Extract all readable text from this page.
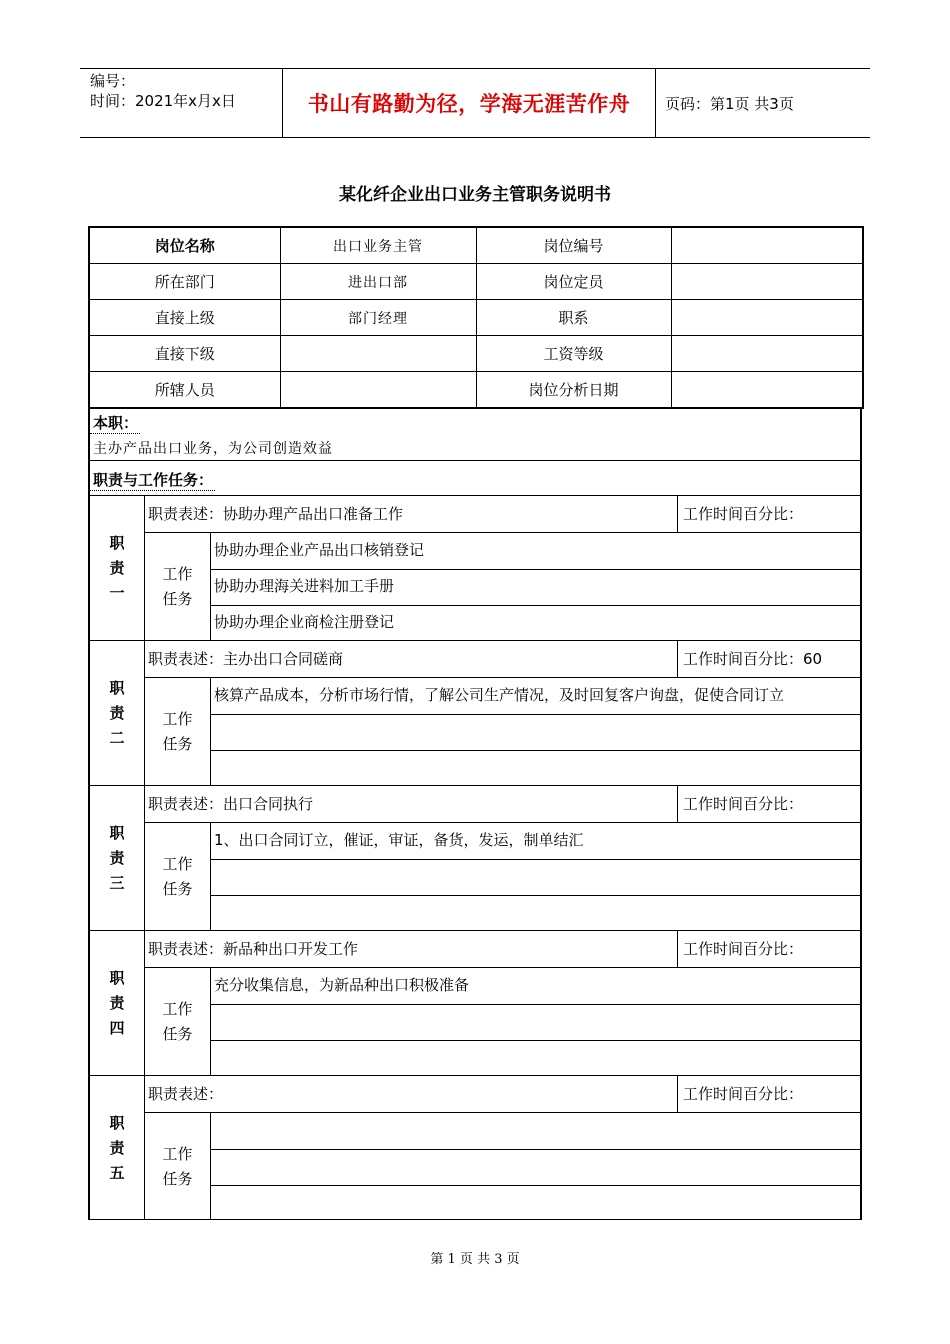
编号：
时间：2021年x月x日	书山有路勤为径，学海无涯苦作舟	页码：第1页 共3页
某化纤企业出口业务主管职务说明书
岗位名称	出口业务主管	岗位编号	
所在部门	进出口部	岗位定员	
直接上级	部门经理	职系	
直接下级		工资等级	
所辖人员		岗位分析日期	
本职：
主办产品出口业务，为公司创造效益
职责与工作任务：
职
责
一
职责表述：协助办理产品出口准备工作	工作时间百分比：
工作
任务
协助办理企业产品出口核销登记
协助办理海关进料加工手册
协助办理企业商检注册登记
职
责
二
职责表述：主办出口合同磋商	工作时间百分比：60
工作
任务
核算产品成本，分析市场行情，了解公司生产情况，及时回复客户询盘，促使合同订立
职
责
三
职责表述：出口合同执行	工作时间百分比：
工作
任务
1、出口合同订立，催证，审证，备货，发运，制单结汇
职
责
四
职责表述：新品种出口开发工作	工作时间百分比：
工作
任务
充分收集信息，为新品种出口积极准备
职
责
五
职责表述：	工作时间百分比：
工作
任务
第 1 页 共 3 页
